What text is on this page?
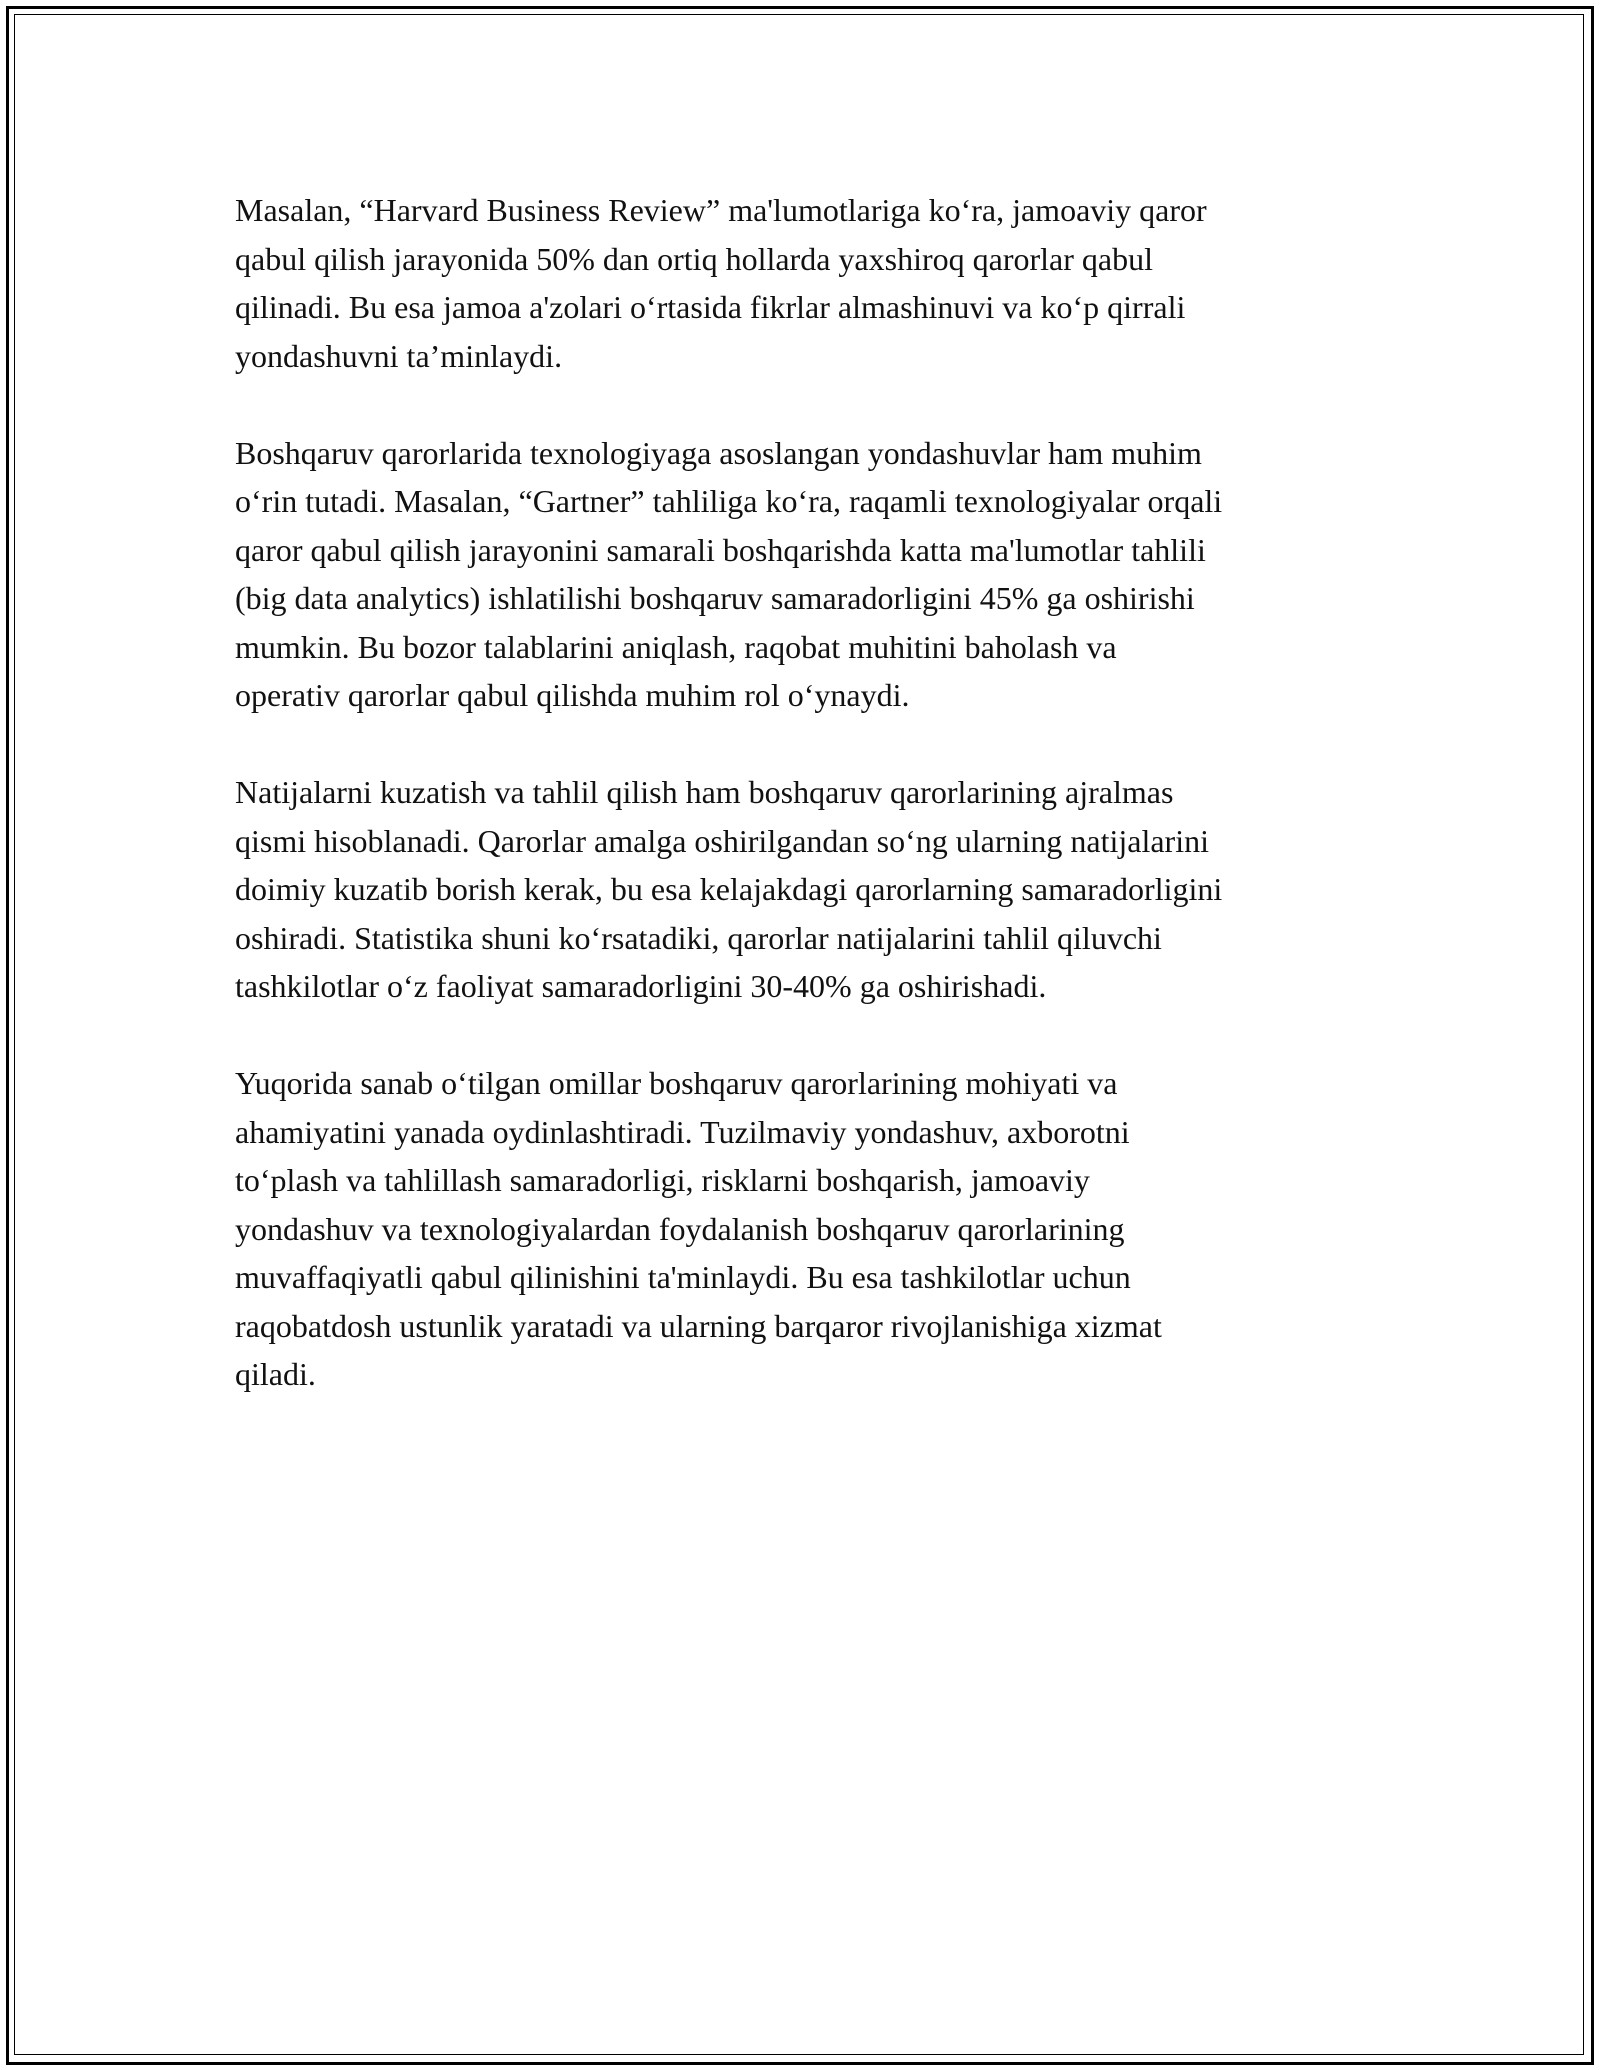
Masalan, “Harvard Business Review” ma'lumotlariga koʻra, jamoaviy qaror
qabul qilish jarayonida 50% dan ortiq hollarda yaxshiroq qarorlar qabul
qilinadi. Bu esa jamoa a'zolari oʻrtasida fikrlar almashinuvi va koʻp qirrali
yondashuvni ta’minlaydi.

Boshqaruv qarorlarida texnologiyaga asoslangan yondashuvlar ham muhim
oʻrin tutadi. Masalan, “Gartner” tahliliga koʻra, raqamli texnologiyalar orqali
qaror qabul qilish jarayonini samarali boshqarishda katta ma'lumotlar tahlili
(big data analytics) ishlatilishi boshqaruv samaradorligini 45% ga oshirishi
mumkin. Bu bozor talablarini aniqlash, raqobat muhitini baholash va
operativ qarorlar qabul qilishda muhim rol oʻynaydi.

Natijalarni kuzatish va tahlil qilish ham boshqaruv qarorlarining ajralmas
qismi hisoblanadi. Qarorlar amalga oshirilgandan soʻng ularning natijalarini
doimiy kuzatib borish kerak, bu esa kelajakdagi qarorlarning samaradorligini
oshiradi. Statistika shuni koʻrsatadiki, qarorlar natijalarini tahlil qiluvchi
tashkilotlar oʻz faoliyat samaradorligini 30-40% ga oshirishadi.

Yuqorida sanab oʻtilgan omillar boshqaruv qarorlarining mohiyati va
ahamiyatini yanada oydinlashtiradi. Tuzilmaviy yondashuv, axborotni
toʻplash va tahlillash samaradorligi, risklarni boshqarish, jamoaviy
yondashuv va texnologiyalardan foydalanish boshqaruv qarorlarining
muvaffaqiyatli qabul qilinishini ta'minlaydi. Bu esa tashkilotlar uchun
raqobatdosh ustunlik yaratadi va ularning barqaror rivojlanishiga xizmat
qiladi.
